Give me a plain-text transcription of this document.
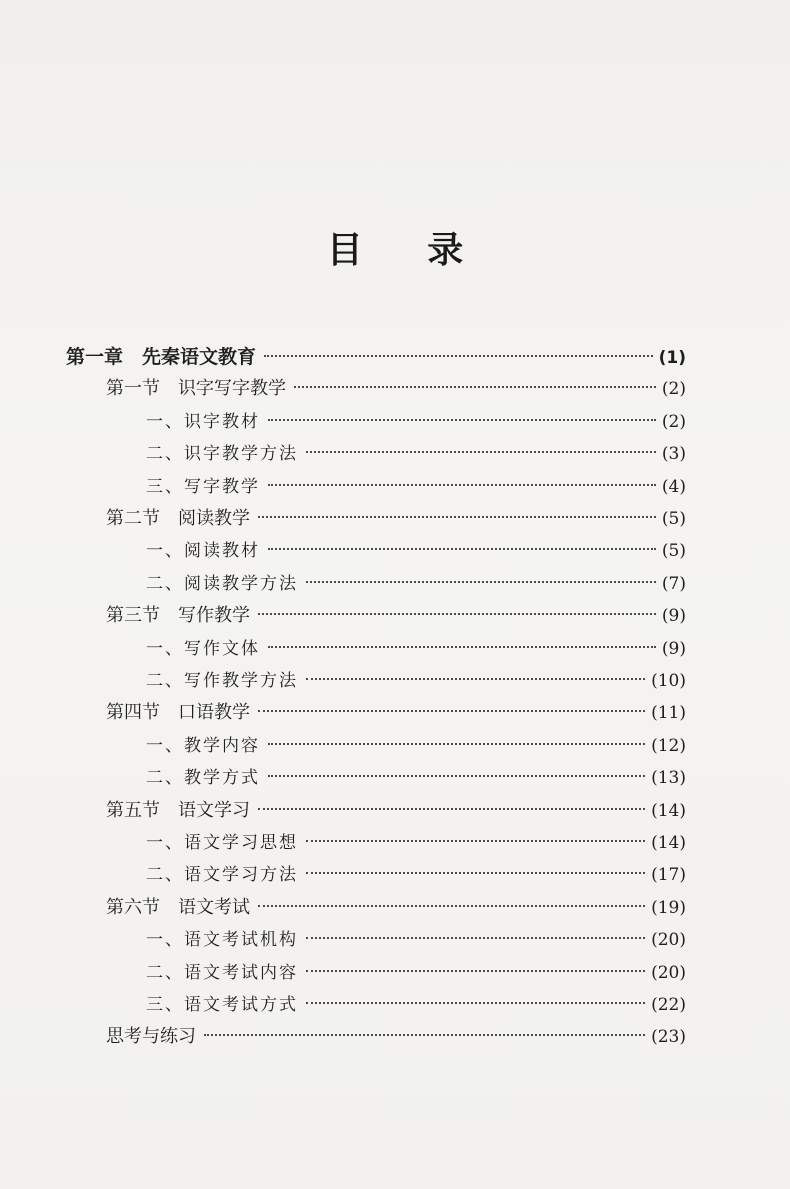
目 录
第一章　先秦语文教育	(1)
第一节　识字写字教学	(2)
一、识字教材	(2)
二、识字教学方法	(3)
三、写字教学	(4)
第二节　阅读教学	(5)
一、阅读教材	(5)
二、阅读教学方法	(7)
第三节　写作教学	(9)
一、写作文体	(9)
二、写作教学方法	(10)
第四节　口语教学	(11)
一、教学内容	(12)
二、教学方式	(13)
第五节　语文学习	(14)
一、语文学习思想	(14)
二、语文学习方法	(17)
第六节　语文考试	(19)
一、语文考试机构	(20)
二、语文考试内容	(20)
三、语文考试方式	(22)
思考与练习	(23)
